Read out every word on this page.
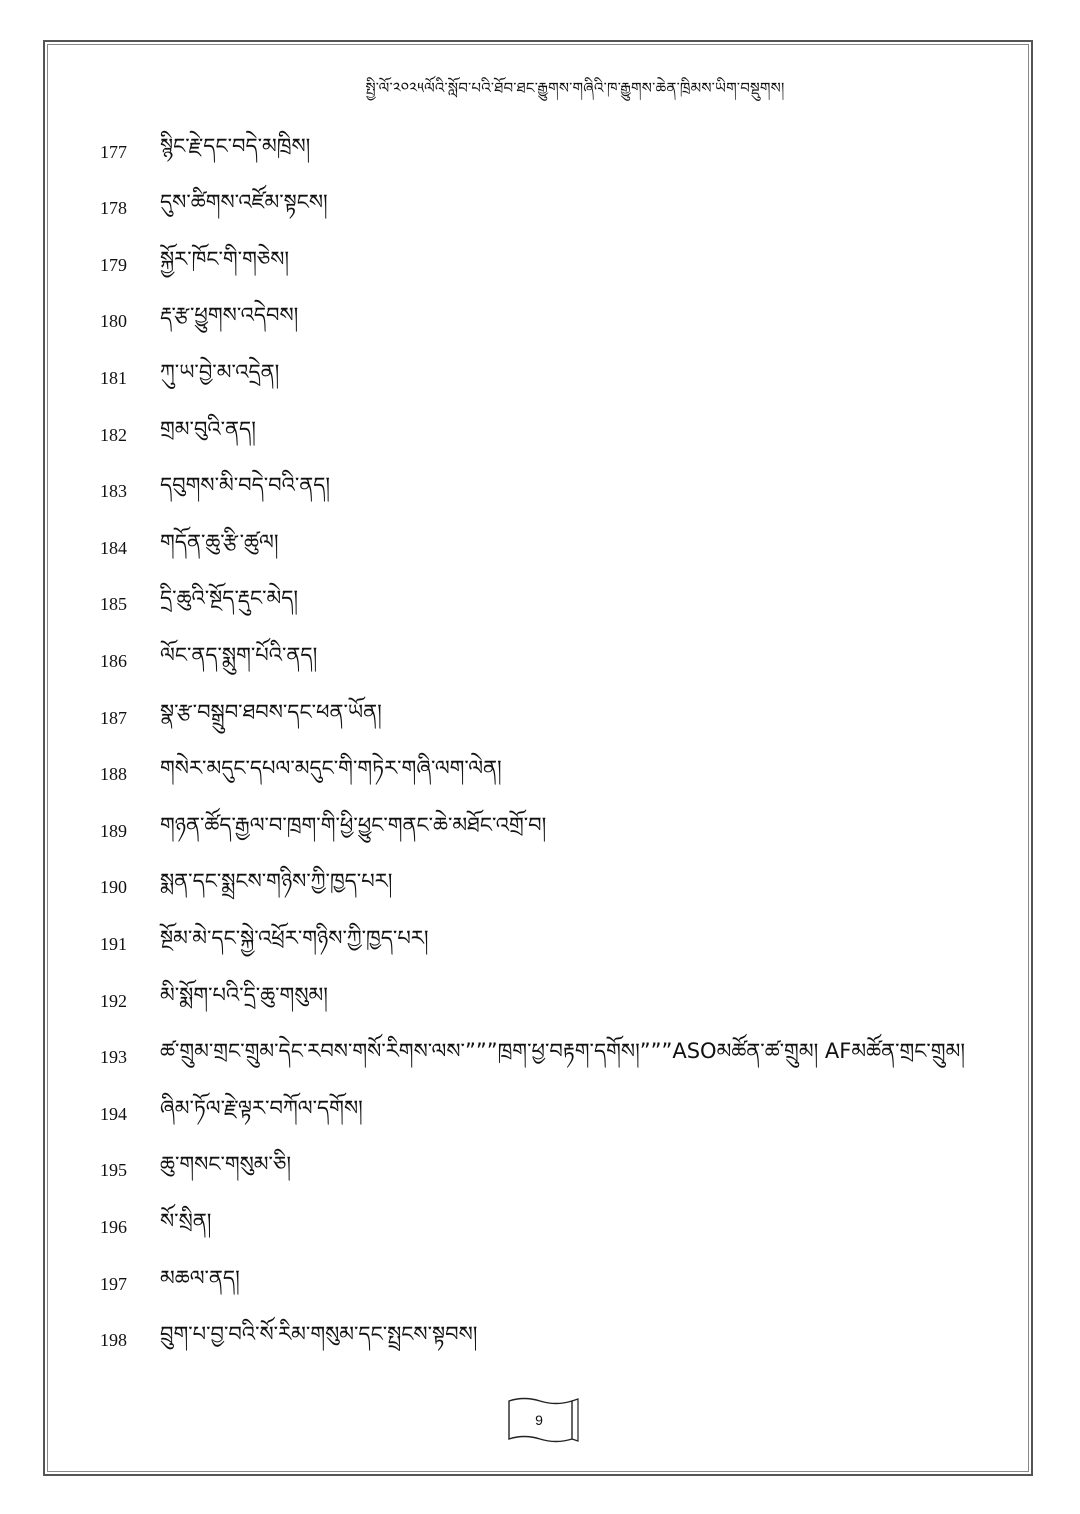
སྤྱི་ལོ་༢༠༢༥ལོའི་སློབ་པའི་ཐོབ་ཐང་རྒྱུགས་གཞིའི་ཁ་རྒྱུགས་ཆེན་ཁྲིམས་ཡིག་བསྡུགས།
177	སྙིང་རྗེ་དང་བདེ་མཁྲིས།
178	དུས་ཚིགས་འཛོམ་སྟངས།
179	སྐྱོར་ཁོང་གི་གཅེས།
180	རྡ་རྩ་ཕྱུགས་འདེབས།
181	ཀུ་ཡ་བྱེ་མ་འདྲེན།
182	གྲམ་བུའི་ནད།
183	དབུགས་མི་བདེ་བའི་ནད།
184	གདོན་ཆུ་རྩི་ཚུལ།
185	དྲི་ཆུའི་སྔོད་རྡུང་མེད།
186	ལོང་ནད་སྨུག་པོའི་ནད།
187	སྣ་རྩ་བསྒྲུབ་ཐབས་དང་ཕན་ཡོན།
188	གསེར་མདུང་དཔལ་མདུང་གི་གཏེར་གཞི་ལག་ལེན།
189	གཉན་ཚོད་རྒྱལ་བ་ཁྲག་གི་ཕྱི་ཕྱུང་གནང་ཆེ་མཐོང་འགྲོ་བ།
190	སྨན་དང་སྨྲངས་གཉིས་ཀྱི་ཁྱད་པར།
191	སྔོམ་མེ་དང་སྐྱེ་འཕྲོར་གཉིས་ཀྱི་ཁྱད་པར།
192	མི་སྨོག་པའི་དྲི་ཆུ་གསུམ།
193	ཚ་གྲུམ་གྲང་གྲུམ་དེང་རབས་གསོ་རིགས་ལས་”””ཁྲག་ཕྱ་བརྟག་དགོས།”””ASOམཚོན་ཚ་གྲུམ། AFམཚོན་གྲང་གྲུམ།
194	ཞིམ་ཏོལ་རྗེ་ལྟར་བཀོལ་དགོས།
195	ཆུ་གསང་གསུམ་ཅི།
196	སོ་སྲིན།
197	མཆལ་ནད།
198	བྲུག་པ་བྱ་བའི་སོ་རིམ་གསུམ་དང་སྤྲངས་སྟབས།
9
